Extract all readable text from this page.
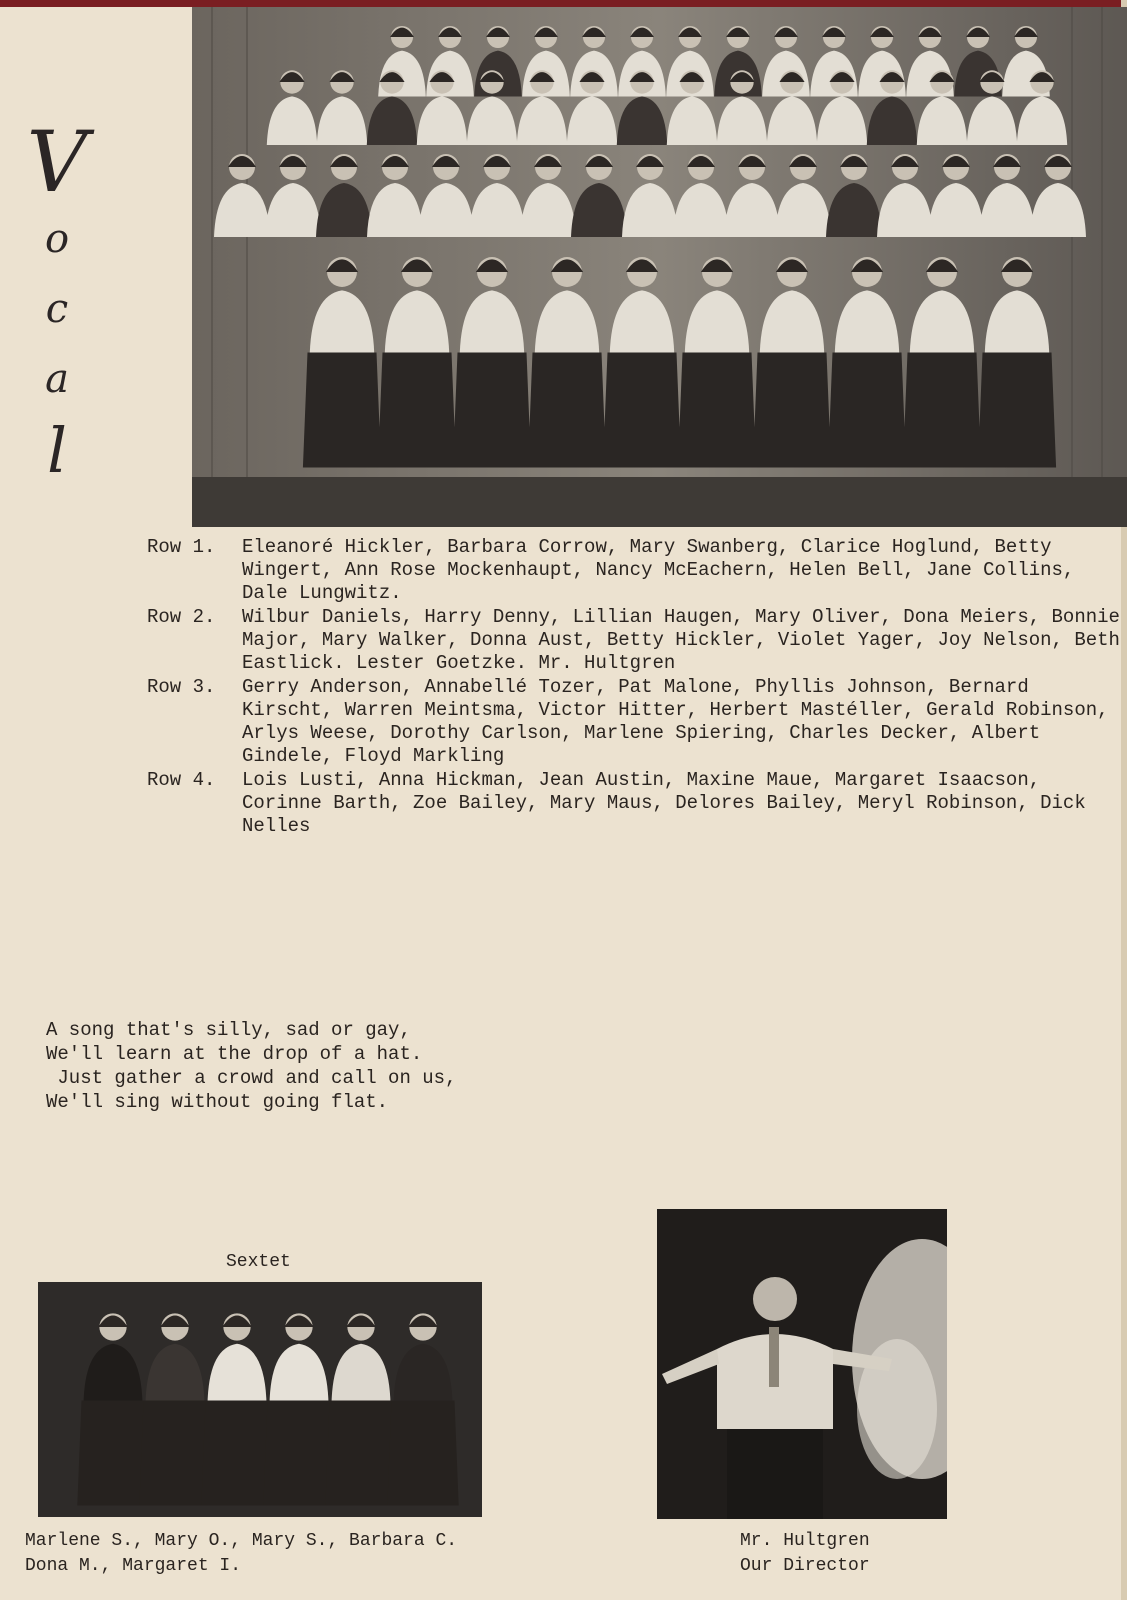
V
o
c
a
l
Row 1.	Eleanoré Hickler, Barbara Corrow, Mary Swanberg, Clarice Hoglund, Betty Wingert, Ann Rose Mockenhaupt, Nancy McEachern, Helen Bell, Jane Collins, Dale Lungwitz.
Row 2.	Wilbur Daniels, Harry Denny, Lillian Haugen, Mary Oliver, Dona Meiers, Bonnie Major, Mary Walker, Donna Aust, Betty Hickler, Violet Yager, Joy Nelson, Beth Eastlick. Lester Goetzke. Mr. Hultgren
Row 3.	Gerry Anderson, Annabellé Tozer, Pat Malone, Phyllis Johnson, Bernard Kirscht, Warren Meintsma, Victor Hitter, Herbert Mastéller, Gerald Robinson, Arlys Weese, Dorothy Carlson, Marlene Spiering, Charles Decker, Albert Gindele, Floyd Markling
Row 4.	Lois Lusti, Anna Hickman, Jean Austin, Maxine Maue, Margaret Isaacson, Corinne Barth, Zoe Bailey, Mary Maus, Delores Bailey, Meryl Robinson, Dick Nelles
A song that's silly, sad or gay,
We'll learn at the drop of a hat.
Just gather a crowd and call on us,
We'll sing without going flat.
Sextet
Marlene S., Mary O., Mary S., Barbara C.
Dona M., Margaret I.
Mr. Hultgren
Our Director
